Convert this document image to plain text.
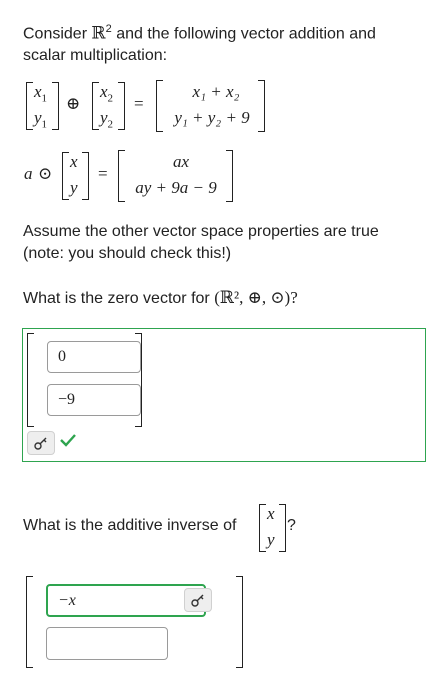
Consider ℝ$^2$ and the following vector addition and
scalar multiplication:
$x_1$
$y_1$
⊕
$x_2$
$y_2$
=
x₁ + x₂
y₁ + y₂ + 9
a ⊙
x
y
=
ax
ay + 9a − 9
Assume the other vector space properties are true
(note: you should check this!)
What is the zero vector for (ℝ², ⊕, ⊙)?
0
−9
What is the additive inverse of
x
y
?
−x
